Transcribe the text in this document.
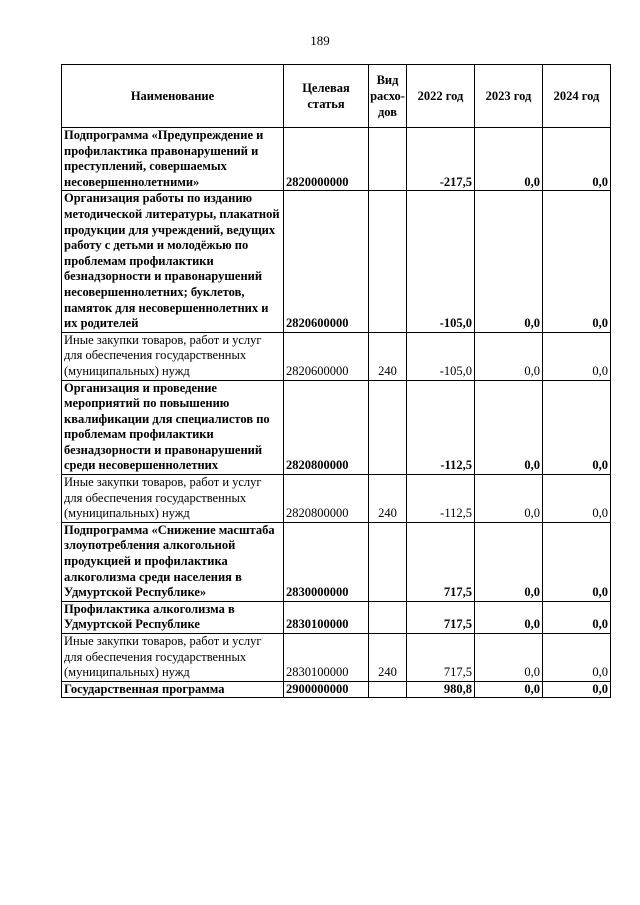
189
Наименование	Целевая статья	Вид расхо-дов	2022 год	2023 год	2024 год
Подпрограмма «Предупреждение и профилактика правонарушений и преступлений, совершаемых несовершеннолетними»	2820000000		-217,5	0,0	0,0
Организация работы по изданию методической литературы, плакатной продукции для учреждений, ведущих работу с детьми и молодёжью по проблемам профилактики безнадзорности и правонарушений несовершеннолетних; буклетов, памяток для несовершеннолетних и их родителей	2820600000		-105,0	0,0	0,0
Иные закупки товаров, работ и услуг для обеспечения государственных (муниципальных) нужд	2820600000	240	-105,0	0,0	0,0
Организация и проведение мероприятий по повышению квалификации для специалистов по проблемам профилактики безнадзорности и правонарушений среди несовершеннолетних	2820800000		-112,5	0,0	0,0
Иные закупки товаров, работ и услуг для обеспечения государственных (муниципальных) нужд	2820800000	240	-112,5	0,0	0,0
Подпрограмма «Снижение масштаба злоупотребления алкогольной продукцией и профилактика алкоголизма среди населения в Удмуртской Республике»	2830000000		717,5	0,0	0,0
Профилактика алкоголизма в Удмуртской Республике	2830100000		717,5	0,0	0,0
Иные закупки товаров, работ и услуг для обеспечения государственных (муниципальных) нужд	2830100000	240	717,5	0,0	0,0
Государственная программа	2900000000		980,8	0,0	0,0
